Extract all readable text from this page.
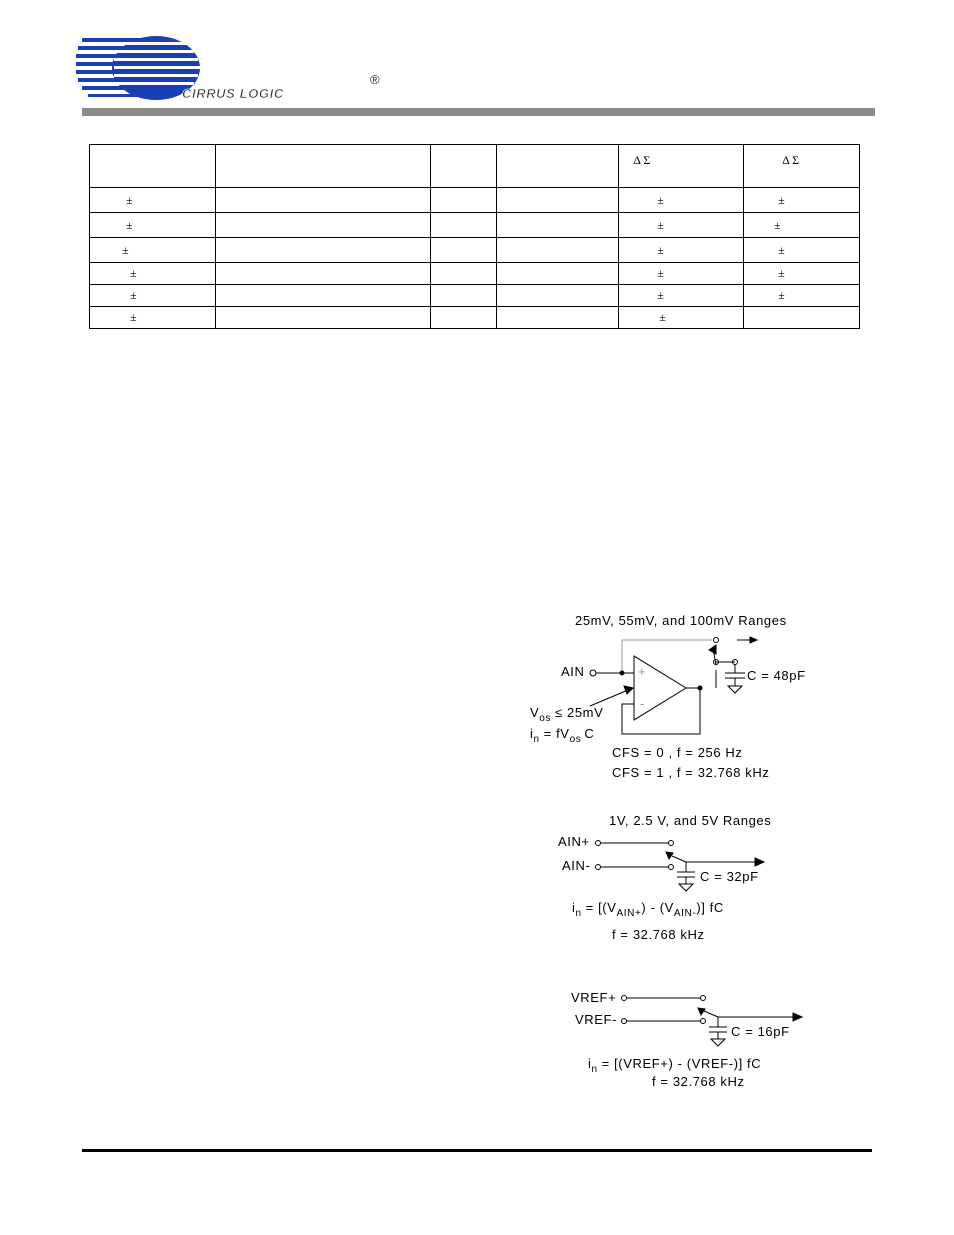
CIRRUS LOGIC
®

				Δ Σ	Δ Σ

±				±	±
±				±	±
±				±	±
±				±	±
±				±	±
±				±	
25mV, 55mV, and 100mV Ranges
AIN	+
-
C = 48pF
$V_{os} \le 25mV$
$i_n = fV_{os}$ C
CFS = 0 , f = 256 Hz
CFS = 1 , f = 32.768 kHz
1V, 2.5 V, and 5V Ranges
AIN+
AIN-
C = 32pF
$i_n = [(V_{AIN+}) - (V_{AIN-})]$ fC
f = 32.768 kHz
VREF+
VREF-
C = 16pF
$i_n$ = [(VREF+) - (VREF-)] fC
f = 32.768 kHz
